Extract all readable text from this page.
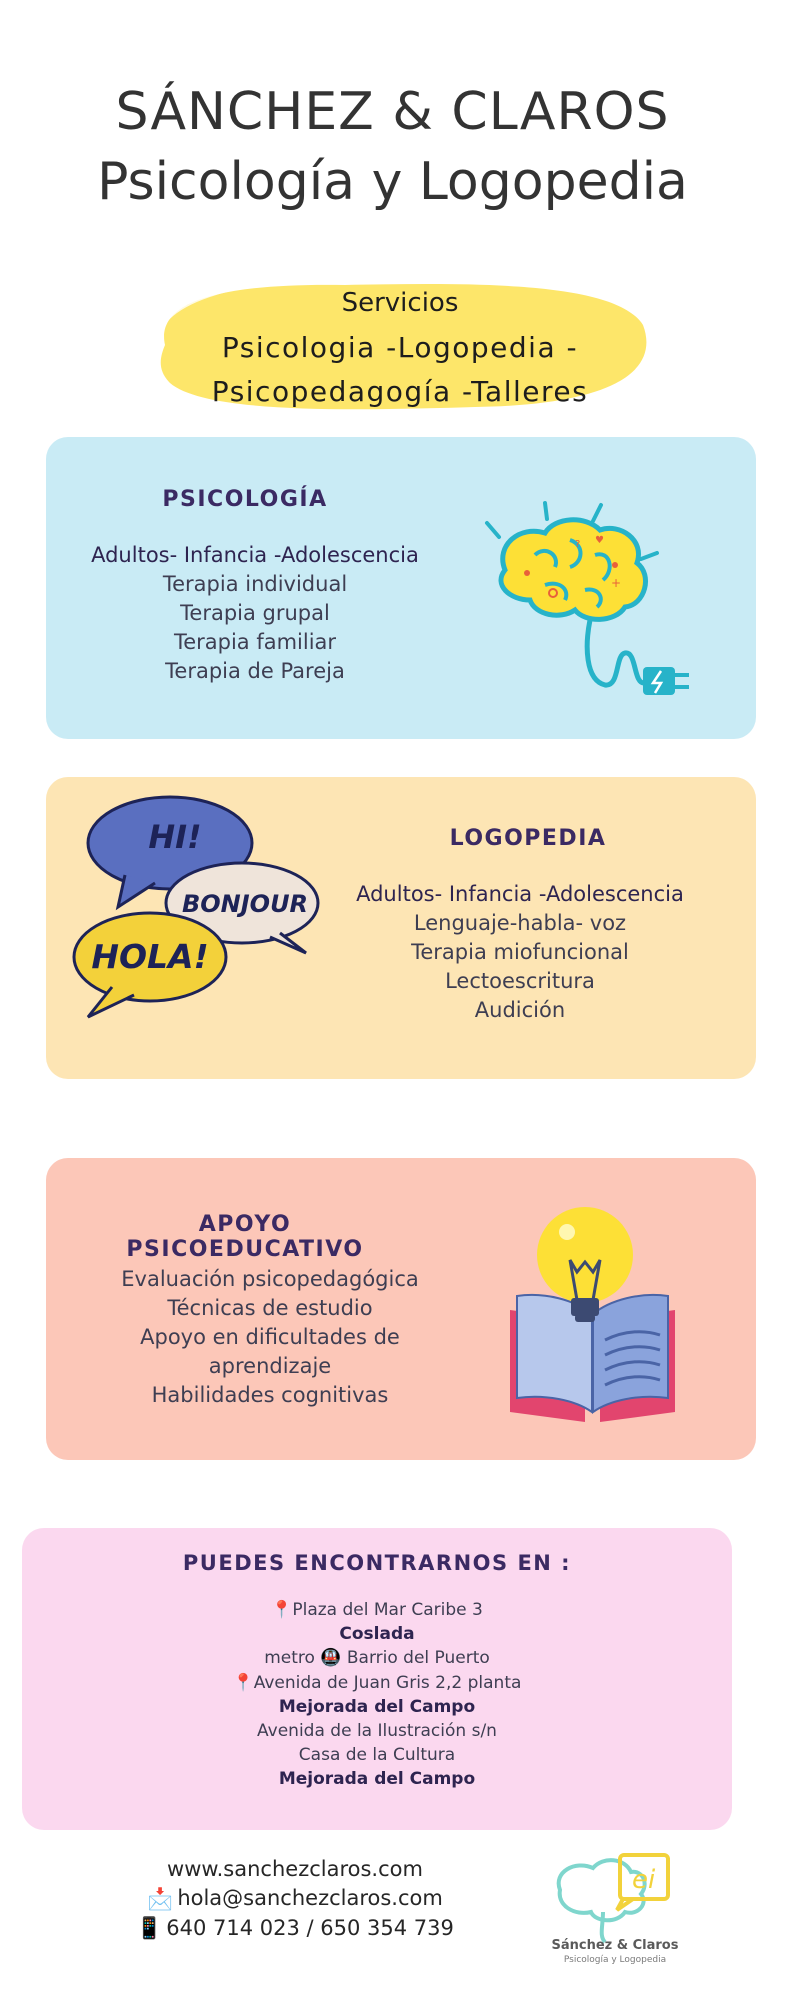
SÁNCHEZ & CLAROS
Psicología y Logopedia
Servicios
Psicologia -Logopedia -
Psicopedagogía -Talleres
PSICOLOGÍA
Adultos- Infancia -Adolescencia
Terapia individual
Terapia grupal
Terapia familiar
Terapia de Pareja
? ♥
+
LOGOPEDIA
Adultos- Infancia -Adolescencia
Lenguaje-habla- voz
Terapia miofuncional
Lectoescritura
Audición
HI!
BONJOUR
HOLA!
APOYO PSICOEDUCATIVO
Evaluación psicopedagógica
Técnicas de estudio
Apoyo en dificultades de
aprendizaje
Habilidades cognitivas
PUEDES ENCONTRARNOS EN :
📍Plaza del Mar Caribe 3
Coslada
metro 🚇 Barrio del Puerto
📍Avenida de Juan Gris 2,2 planta
Mejorada del Campo
Avenida de la Ilustración s/n
Casa de la Cultura
Mejorada del Campo
www.sanchezclaros.com
📩 hola@sanchezclaros.com
📱 640 714 023 / 650 354 739
ei
Sánchez & Claros
Psicología y Logopedia
